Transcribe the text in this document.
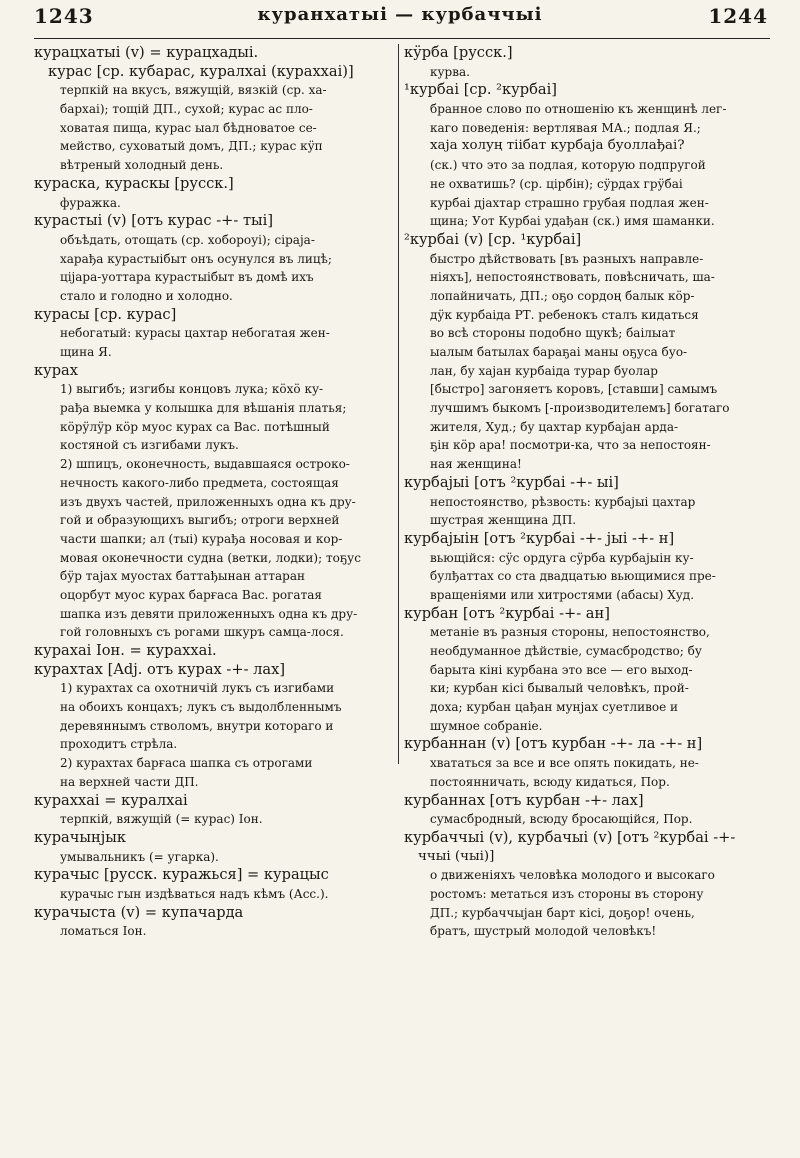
1243	куранхатыі — курбаччыі	1244
курацхатыі (v) = курацхадыі.
курас [ср. кубарас, куралхаі (курахxаі)]
терпкій на вкусъ, вяжущій, вязкій (ср. ха-
барxаі); тощій ДП., сухой; курас ас пло-
ховатая пища, курас ыал бѣдноватое се-
мейство, суховатый домъ, ДП.; курас кӱп
вѣтреный холодный день.
кураска, кураскы [русск.]
фуражка.
курастыі (v) [отъ курас -+- тыі]
объѣдать, отощать (ср. хобороуі); сіраја-
харађа курастыібыт онъ осунулся въ лицѣ;
ціјара-уоттара курастыібыт въ домѣ ихъ
стало и голодно и холодно.
курасы [ср. курас]
небогатый: курасы цахтар небогатая жен-
щина Я.
курах
1) выгибъ; изгибы концовъ лука; кӧхӧ ку-
рађа выемка у колышка для вѣшанія платья;
кӧрӱлӱр кӧр муос курах са Вас. потѣшный
костяной съ изгибами лукъ.
2) шпицъ, оконечность, выдавшаяся остроко-
нечность какого-либо предмета, состоящая
изъ двухъ частей, приложенныхъ одна къ дру-
гой и образующихъ выгибъ; отроги верхней
части шапки; ал (тыі) курађа носовая и кор-
мовая оконечности судна (ветки, лодки); тоҕус
бӱр тајах муостах баттађынан аттаран
оцорбут муос курах барғаса Вас. рогатая
шапка изъ девяти приложенныхъ одна къ дру-
гой головныхъ съ рогами шкуръ самца-лося.
курахаі Іон. = курахxаі.
курахтах [Adj. отъ курах -+- лах]
1) курахтах са охотничій лукъ съ изгибами
на обоихъ концахъ; лукъ съ выдолбленнымъ
деревяннымъ стволомъ, внутри котораго и
проходитъ стрѣла.
2) курахтах барғаса шапка съ отрогами
на верхней части ДП.
курахxаі = куралхаі
терпкій, вяжущій (= курас) Іон.
курачынјык
умывальникъ (= угарка).
курачыс [русск. куражься] = курацыс
курачыс гын издѣваться надъ кѣмъ (Асс.).
курачыста (v) = купачарда
ломаться Іон.
кӱрба [русск.]
курва.
¹курбаі [ср. ²курбаі]
бранное слово по отношенію къ женщинѣ лег-
каго поведенія: вертлявая МА.; подлая Я.;
хаjа холуң тіібат курбаjа буоллађаі?
(ск.) что это за подлая, которую подпругой
не охватишь? (ср. цірбін); сӱрдах грӱбаі
курбаі дјахтар страшно грубая подлая жен-
щина; Уот Курбаі удађан (ск.) имя шаманки.
²курбаі (v) [ср. ¹курбаі]
быстро дѣйствовать [въ разныхъ направле-
ніяхъ], непостоянствовать, повѣсничать, ша-
лопайничать, ДП.; оҕо сордоң балык кӧр-
дӱк курбаіда РТ. ребенокъ сталъ кидаться
во всѣ стороны подобно щукѣ; баілыат
ыалым батылах бараҕаі маны оҕуса буо-
лан, бу хаjан курбаіда турар буолар
[быстро] загоняетъ коровъ, [ставши] самымъ
лучшимъ быкомъ [-производителемъ] богатаго
жителя, Худ.; бу цахтар курбајан ардa-
ҕін кӧр ара! посмотри-ка, что за непостоян-
ная женщина!
курбаjыі [отъ ²курбаі -+- ыі]
непостоянство, рѣзвость: курбаjыі цахтар
шустрая женщина ДП.
курбаjыін [отъ ²курбаі -+- јыі -+- н]
вьющійся: сӱс ордуга сӱрба курбаjыін ку-
булђаттах со ста двадцатью вьющимися пре-
вращеніями или хитростями (абасы) Худ.
курбан [отъ ²курбаі -+- ан]
метаніе въ разныя стороны, непостоянство,
необдуманное дѣйствіе, сумасбродство; бу
барыта кіні курбана это все — его выход-
ки; курбан кісі бывалый человѣкъ, прой-
доха; курбан цађан мунјах суетливое и
шумное собраніе.
курбаннан (v) [отъ курбан -+- ла -+- н]
хвататься за все и все опять покидать, не-
постоянничать, всюду кидаться, Пор.
курбаннах [отъ курбан -+- лах]
сумасбродный, всюду бросающійся, Пор.
курбаччыі (v), курбачыі (v) [отъ ²курбаі -+-
ччыі (чыі)]
о движеніяхъ человѣка молодого и высокаго
ростомъ: метаться изъ стороны въ сторону
ДП.; курбаччыјан барт кісі, доҕор! очень,
братъ, шустрый молодой человѣкъ!
